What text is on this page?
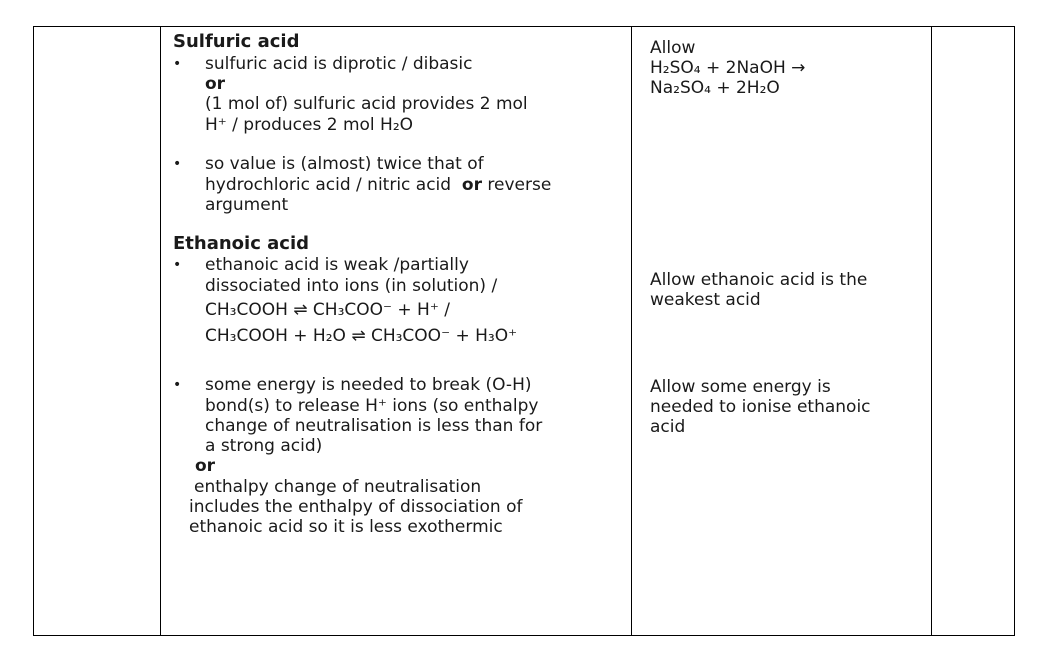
Sulfuric acid
• sulfuric acid is diprotic / dibasic
or
(1 mol of) sulfuric acid provides 2 mol
H⁺ / produces 2 mol H₂O
• so value is (almost) twice that of
hydrochloric acid / nitric acid or reverse
argument
Ethanoic acid
• ethanoic acid is weak /partially
dissociated into ions (in solution) /
CH₃COOH ⇌ CH₃COO⁻ + H⁺ /
CH₃COOH + H₂O ⇌ CH₃COO⁻ + H₃O⁺
• some energy is needed to break (O-H)
bond(s) to release H⁺ ions (so enthalpy
change of neutralisation is less than for
a strong acid)
or
enthalpy change of neutralisation
includes the enthalpy of dissociation of
ethanoic acid so it is less exothermic
Allow
H₂SO₄ + 2NaOH →
Na₂SO₄ + 2H₂O
Allow ethanoic acid is the
weakest acid
Allow some energy is
needed to ionise ethanoic
acid
